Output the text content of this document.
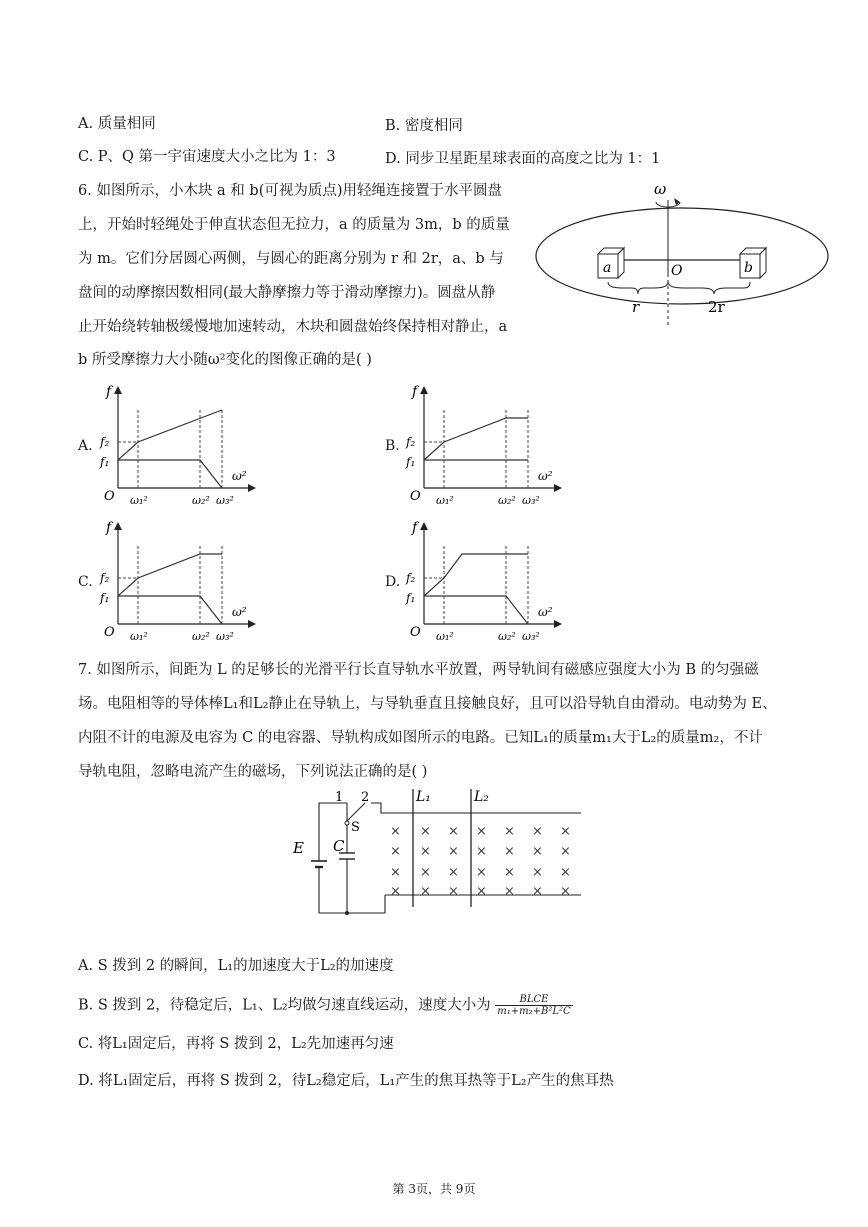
A. 质量相同	B. 密度相同
C. P、Q 第一宇宙速度大小之比为 1：3	D. 同步卫星距星球表面的高度之比为 1：1
6. 如图所示，小木块 a 和 b(可视为质点)用轻绳连接置于水平圆盘
上，开始时轻绳处于伸直状态但无拉力，a 的质量为 3m，b 的质量
为 m。它们分居圆心两侧，与圆心的距离分别为 r 和 2r，a、b 与
盘间的动摩擦因数相同(最大静摩擦力等于滑动摩擦力)。圆盘从静
止开始绕转轴极缓慢地加速转动，木块和圆盘始终保持相对静止，a
b 所受摩擦力大小随ω²变化的图像正确的是( )
ω
a	b
O
r	2r
A.
f
f₂
f₁
O
ω²
ω₁²	ω₂² ω₃²
B.
f
f₂
f₁
O
ω²
ω₁²	ω₂² ω₃²
C.
f
f₂
f₁
O
ω²
ω₁²	ω₂² ω₃²
D.
f
f₂
f₁
O
ω²
ω₁²	ω₂² ω₃²
7. 如图所示，间距为 L 的足够长的光滑平行长直导轨水平放置，两导轨间有磁感应强度大小为 B 的匀强磁
场。电阻相等的导体棒L₁和L₂静止在导轨上，与导轨垂直且接触良好，且可以沿导轨自由滑动。电动势为 E、
内阻不计的电源及电容为 C 的电容器、导轨构成如图所示的电路。已知L₁的质量m₁大于L₂的质量m₂，不计
导轨电阻，忽略电流产生的磁场，下列说法正确的是( )
1 2
S
E C
L₁	L₂
× × × × × × ×
× × × × × × ×
× × × × × × ×
× × × × × × ×
A. S 拨到 2 的瞬间，L₁的加速度大于L₂的加速度
B. S 拨到 2，待稳定后，L₁、L₂均做匀速直线运动，速度大小为 $\frac{\text{BLCE}}{\text{m₁+m₂+B²L²C}}$
C. 将L₁固定后，再将 S 拨到 2，L₂先加速再匀速
D. 将L₁固定后，再将 S 拨到 2，待L₂稳定后，L₁产生的焦耳热等于L₂产生的焦耳热
第 3页，共 9页
